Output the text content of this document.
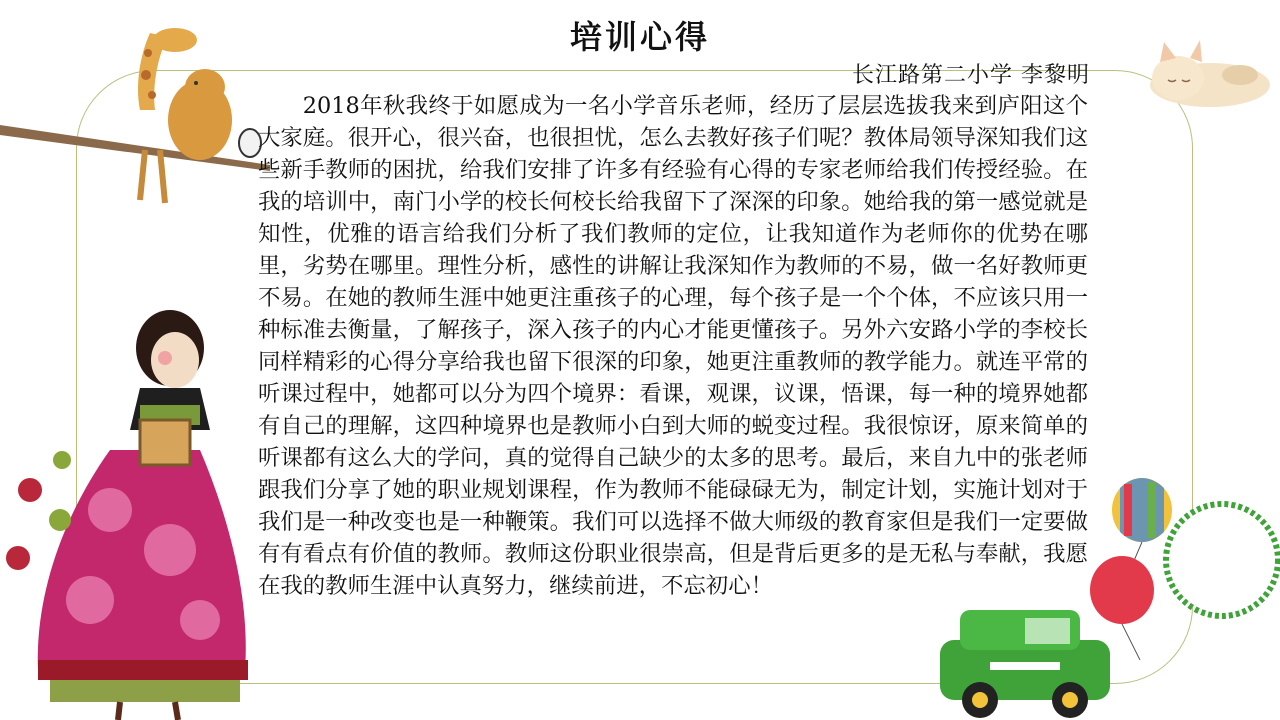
培训心得
长江路第二小学 李黎明

2018年秋我终于如愿成为一名小学音乐老师，经历了层层选拔我来到庐阳这个大家庭。很开心，很兴奋，也很担忧，怎么去教好孩子们呢？教体局领导深知我们这些新手教师的困扰，给我们安排了许多有经验有心得的专家老师给我们传授经验。在我的培训中，南门小学的校长何校长给我留下了深深的印象。她给我的第一感觉就是知性，优雅的语言给我们分析了我们教师的定位，让我知道作为老师你的优势在哪里，劣势在哪里。理性分析，感性的讲解让我深知作为教师的不易，做一名好教师更不易。在她的教师生涯中她更注重孩子的心理，每个孩子是一个个体，不应该只用一种标准去衡量，了解孩子，深入孩子的内心才能更懂孩子。另外六安路小学的李校长同样精彩的心得分享给我也留下很深的印象，她更注重教师的教学能力。就连平常的听课过程中，她都可以分为四个境界：看课，观课，议课，悟课，每一种的境界她都有自己的理解，这四种境界也是教师小白到大师的蜕变过程。我很惊讶，原来简单的听课都有这么大的学问，真的觉得自己缺少的太多的思考。最后，来自九中的张老师跟我们分享了她的职业规划课程，作为教师不能碌碌无为，制定计划，实施计划对于我们是一种改变也是一种鞭策。我们可以选择不做大师级的教育家但是我们一定要做有有看点有价值的教师。教师这份职业很崇高，但是背后更多的是无私与奉献，我愿在我的教师生涯中认真努力，继续前进，不忘初心！
